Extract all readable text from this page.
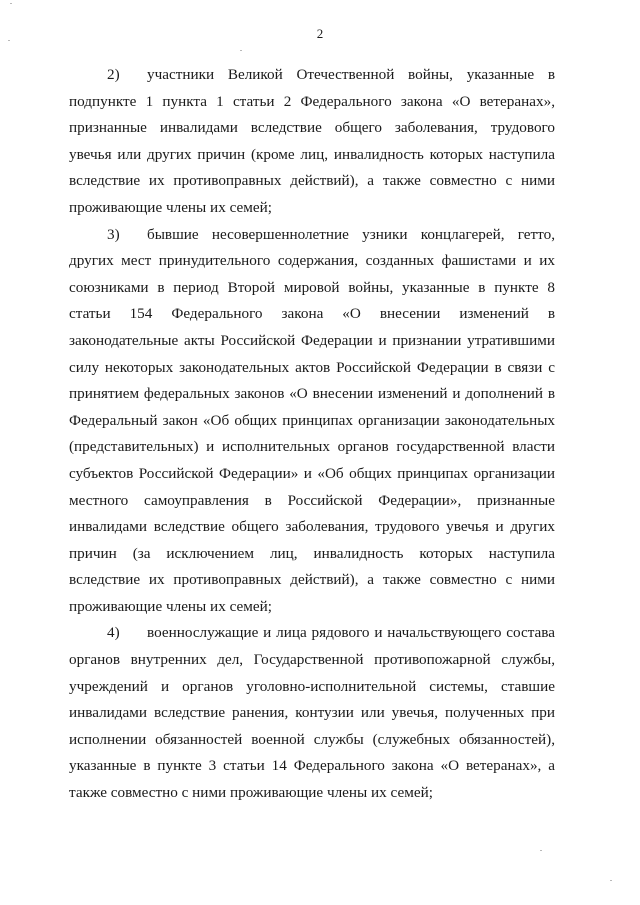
2

2) участники Великой Отечественной войны, указанные в подпункте 1 пункта 1 статьи 2 Федерального закона «О ветеранах», признанные инвалидами вследствие общего заболевания, трудового увечья или других причин (кроме лиц, инвалидность которых наступила вследствие их противоправных действий), а также совместно с ними проживающие члены их семей;

3) бывшие несовершеннолетние узники концлагерей, гетто, других мест принудительного содержания, созданных фашистами и их союзниками в период Второй мировой войны, указанные в пункте 8 статьи 154 Федерального закона «О внесении изменений в законодательные акты Российской Федерации и признании утратившими силу некоторых законодательных актов Российской Федерации в связи с принятием федеральных законов «О внесении изменений и дополнений в Федеральный закон «Об общих принципах организации законодательных (представительных) и исполнительных органов государственной власти субъектов Российской Федерации» и «Об общих принципах организации местного самоуправления в Российской Федерации», признанные инвалидами вследствие общего заболевания, трудового увечья и других причин (за исключением лиц, инвалидность которых наступила вследствие их противоправных действий), а также совместно с ними проживающие члены их семей;

4) военнослужащие и лица рядового и начальствующего состава органов внутренних дел, Государственной противопожарной службы, учреждений и органов уголовно-исполнительной системы, ставшие инвалидами вследствие ранения, контузии или увечья, полученных при исполнении обязанностей военной службы (служебных обязанностей), указанные в пункте 3 статьи 14 Федерального закона «О ветеранах», а также совместно с ними проживающие члены их семей;
